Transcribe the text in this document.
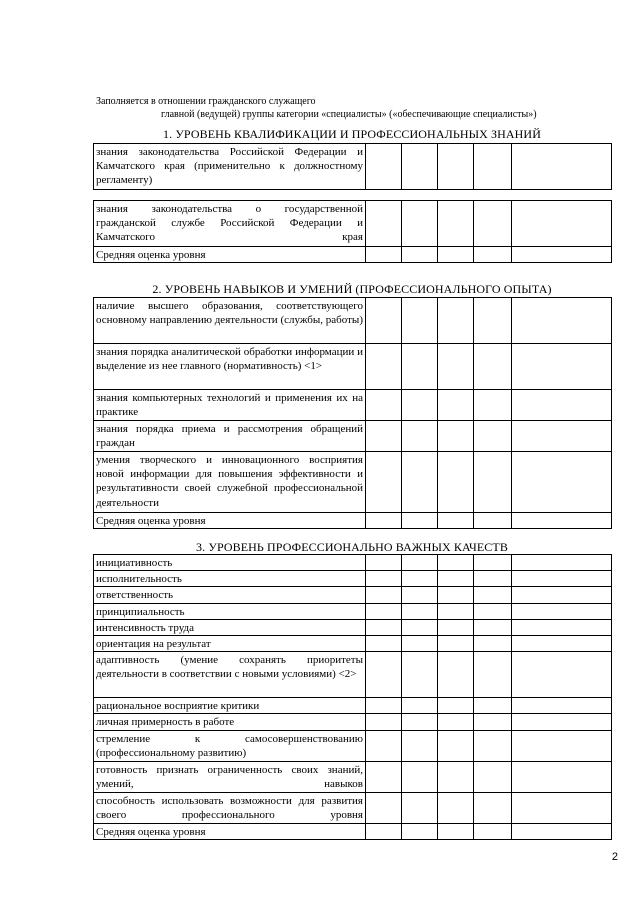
Заполняется в отношении гражданского служащего
главной (ведущей) группы категории «специалисты» («обеспечивающие специалисты»)
1. УРОВЕНЬ КВАЛИФИКАЦИИ И ПРОФЕССИОНАЛЬНЫХ ЗНАНИЙ
знания законодательства Российской Федерации и Камчатского края (применительно к должностному регламенту)					
знания законодательства о государственной гражданской службе Российской Федерации и Камчатского края					
Средняя оценка уровня					
2. УРОВЕНЬ НАВЫКОВ И УМЕНИЙ (ПРОФЕССИОНАЛЬНОГО ОПЫТА)
наличие высшего образования, соответствующего основному направлению деятельности (службы, работы)					
знания порядка аналитической обработки информации и выделение из нее главного (нормативность) <1>					
знания компьютерных технологий и применения их на практике					
знания порядка приема и рассмотрения обращений граждан					
умения творческого и инновационного восприятия новой информации для повышения эффективности и результативности своей служебной профессиональной деятельности					
Средняя оценка уровня					
3. УРОВЕНЬ ПРОФЕССИОНАЛЬНО ВАЖНЫХ КАЧЕСТВ
инициативность					
исполнительность					
ответственность					
принципиальность					
интенсивность труда					
ориентация на результат					
адаптивность (умение сохранять приоритеты деятельности в соответствии с новыми условиями) <2>					
рациональное восприятие критики					
личная примерность в работе					
стремление к самосовершенствованию (профессиональному развитию)					
готовность признать ограниченность своих знаний, умений, навыков					
способность использовать возможности для развития своего профессионального уровня					
Средняя оценка уровня					
2
